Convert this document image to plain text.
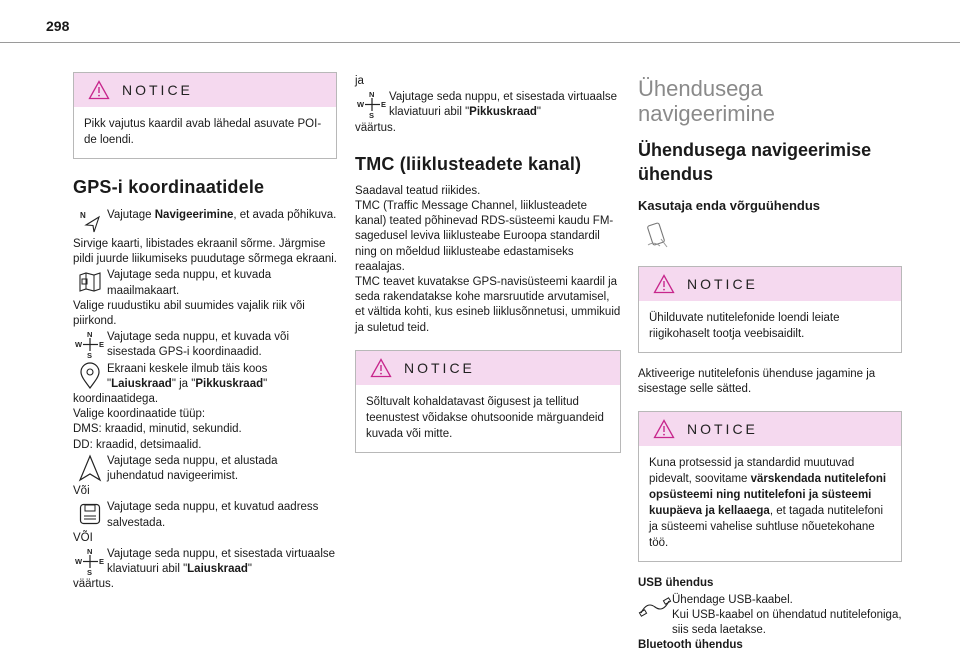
298
NOTICE
Pikk vajutus kaardil avab lähedal asuvate POI-de loendi.
GPS-i koordinaatidele
N Vajutage Navigeerimine, et avada põhikuva.

Sirvige kaarti, libistades ekraanil sõrme. Järgmise pildi juurde liikumiseks puudutage sõrmega ekraani.

Vajutage seda nuppu, et kuvada maailmakaart.

Valige ruudustiku abil suumides vajalik riik või piirkond.

N
S
W E
Vajutage seda nuppu, et kuvada või sisestada GPS-i koordinaadid.
Ekraani keskele ilmub täis koos "Laiuskraad" ja "Pikkuskraad"

koordinaatidega.

Valige koordinaatide tüüp:

DMS: kraadid, minutid, sekundid.

DD: kraadid, detsimaalid.

Vajutage seda nuppu, et alustada juhendatud navigeerimist.

Või

Vajutage seda nuppu, et kuvatud aadress salvestada.

VÕI

N
S
W E
Vajutage seda nuppu, et sisestada virtuaalse klaviatuuri abil "Laiuskraad"

väärtus.

ja

N
S
W E
Vajutage seda nuppu, et sisestada virtuaalse klaviatuuri abil "Pikkuskraad"

väärtus.

TMC (liiklusteadete kanal)

Saadaval teatud riikides.

TMC (Traffic Message Channel, liiklusteadete kanal) teated põhinevad RDS-süsteemi kaudu FM-sagedusel leviva liiklusteabe Euroopa standardil ning on mõeldud liiklusteabe edastamiseks reaalajas.

TMC teavet kuvatakse GPS-navisüsteemi kaardil ja seda rakendatakse kohe marsruutide arvutamisel, et vältida kohti, kus esineb liiklusõnnetusi, ummikuid ja suletud teid.

NOTICE
Sõltuvalt kohaldatavast õigusest ja tellitud teenustest võidakse ohutsoonide märguandeid kuvada või mitte.
Ühendusega navigeerimine
Ühendusega navigeerimise ühendus
Kasutaja enda võrguühendus
NOTICE
Ühilduvate nutitelefonide loendi leiate riigikohaselt tootja veebisaidilt.

Aktiveerige nutitelefonis ühenduse jagamine ja sisestage selle sätted.

NOTICE
Kuna protsessid ja standardid muutuvad pidevalt, soovitame värskendada nutitelefoni opsüsteemi ning nutitelefoni ja süsteemi kuupäeva ja kellaaega, et tagada nutitelefoni ja süsteemi vahelise suhtluse nõuetekohane töö.

USB ühendus

Ühendage USB-kaabel.
Kui USB-kaabel on ühendatud nutitelefoniga, siis seda laetakse.

Bluetooth ühendus
